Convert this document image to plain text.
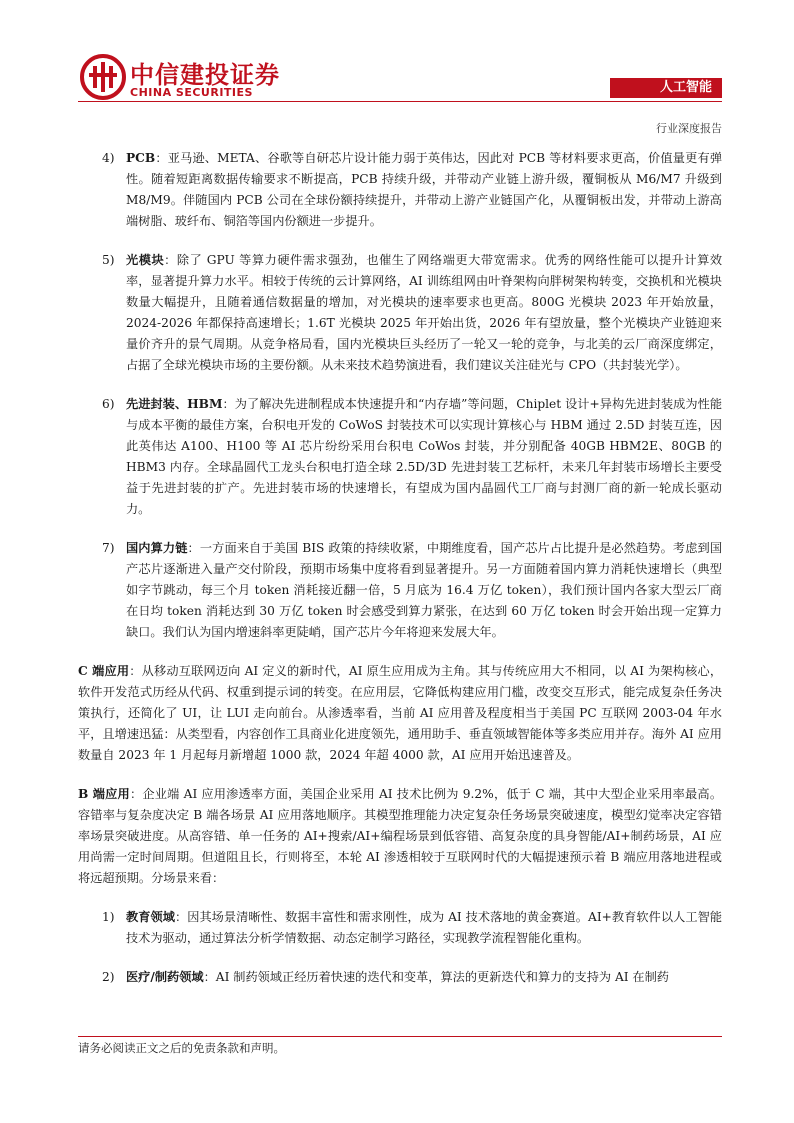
中信建投证券
CHINA SECURITIES	人工智能
行业深度报告
4) PCB：亚马逊、META、谷歌等自研芯片设计能力弱于英伟达，因此对 PCB 等材料要求更高，价值量更有弹性。随着短距离数据传输要求不断提高，PCB 持续升级，并带动产业链上游升级，覆铜板从 M6/M7 升级到 M8/M9。伴随国内 PCB 公司在全球份额持续提升，并带动上游产业链国产化，从覆铜板出发，并带动上游高端树脂、玻纤布、铜箔等国内份额进一步提升。
5) 光模块：除了 GPU 等算力硬件需求强劲，也催生了网络端更大带宽需求。优秀的网络性能可以提升计算效率，显著提升算力水平。相较于传统的云计算网络，AI 训练组网由叶脊架构向胖树架构转变，交换机和光模块数量大幅提升，且随着通信数据量的增加，对光模块的速率要求也更高。800G 光模块 2023 年开始放量，2024-2026 年都保持高速增长；1.6T 光模块 2025 年开始出货，2026 年有望放量，整个光模块产业链迎来量价齐升的景气周期。从竞争格局看，国内光模块巨头经历了一轮又一轮的竞争，与北美的云厂商深度绑定，占据了全球光模块市场的主要份额。从未来技术趋势演进看，我们建议关注硅光与 CPO（共封装光学）。
6) 先进封装、HBM：为了解决先进制程成本快速提升和“内存墙”等问题，Chiplet 设计+异构先进封装成为性能与成本平衡的最佳方案，台积电开发的 CoWoS 封装技术可以实现计算核心与 HBM 通过 2.5D 封装互连，因此英伟达 A100、H100 等 AI 芯片纷纷采用台积电 CoWos 封装，并分别配备 40GB HBM2E、80GB 的 HBM3 内存。全球晶圆代工龙头台积电打造全球 2.5D/3D 先进封装工艺标杆，未来几年封装市场增长主要受益于先进封装的扩产。先进封装市场的快速增长，有望成为国内晶圆代工厂商与封测厂商的新一轮成长驱动力。
7) 国内算力链：一方面来自于美国 BIS 政策的持续收紧，中期维度看，国产芯片占比提升是必然趋势。考虑到国产芯片逐渐进入量产交付阶段，预期市场集中度将看到显著提升。另一方面随着国内算力消耗快速增长（典型如字节跳动，每三个月 token 消耗接近翻一倍，5 月底为 16.4 万亿 token），我们预计国内各家大型云厂商在日均 token 消耗达到 30 万亿 token 时会感受到算力紧张，在达到 60 万亿 token 时会开始出现一定算力缺口。我们认为国内增速斜率更陡峭，国产芯片今年将迎来发展大年。
C 端应用：从移动互联网迈向 AI 定义的新时代，AI 原生应用成为主角。其与传统应用大不相同，以 AI 为架构核心，软件开发范式历经从代码、权重到提示词的转变。在应用层，它降低构建应用门槛，改变交互形式，能完成复杂任务决策执行，还简化了 UI，让 LUI 走向前台。从渗透率看，当前 AI 应用普及程度相当于美国 PC 互联网 2003-04 年水平，且增速迅猛：从类型看，内容创作工具商业化进度领先，通用助手、垂直领域智能体等多类应用并存。海外 AI 应用数量自 2023 年 1 月起每月新增超 1000 款，2024 年超 4000 款，AI 应用开始迅速普及。
B 端应用：企业端 AI 应用渗透率方面，美国企业采用 AI 技术比例为 9.2%，低于 C 端，其中大型企业采用率最高。容错率与复杂度决定 B 端各场景 AI 应用落地顺序。其模型推理能力决定复杂任务场景突破速度，模型幻觉率决定容错率场景突破进度。从高容错、单一任务的 AI+搜索/AI+编程场景到低容错、高复杂度的具身智能/AI+制药场景，AI 应用尚需一定时间周期。但道阻且长，行则将至，本轮 AI 渗透相较于互联网时代的大幅提速预示着 B 端应用落地进程或将远超预期。分场景来看：
1) 教育领域：因其场景清晰性、数据丰富性和需求刚性，成为 AI 技术落地的黄金赛道。AI+教育软件以人工智能技术为驱动，通过算法分析学情数据、动态定制学习路径，实现教学流程智能化重构。
2) 医疗/制药领域：AI 制药领域正经历着快速的迭代和变革，算法的更新迭代和算力的支持为 AI 在制药
请务必阅读正文之后的免责条款和声明。
